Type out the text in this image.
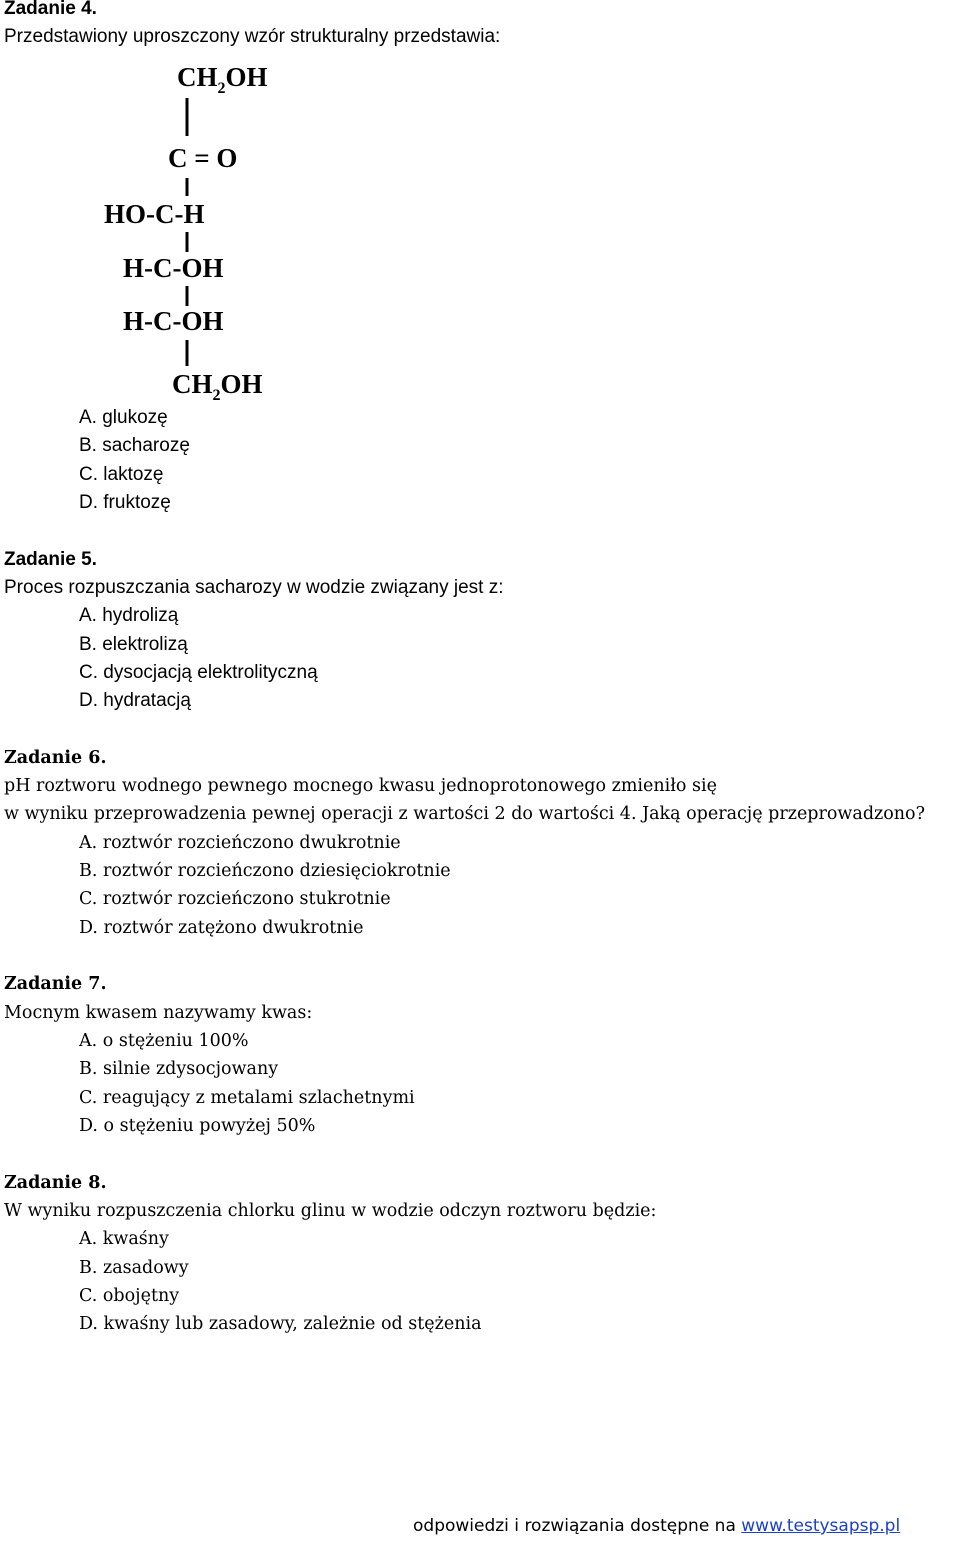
Zadanie 4.
Przedstawiony uproszczony wzór strukturalny przedstawia:
$CH_2OH$
C = O
HO-C-H
H-C-OH
H-C-OH
$CH_2OH$
A. glukozę
B. sacharozę
C. laktozę
D. fruktozę
Zadanie 5.
Proces rozpuszczania sacharozy w wodzie związany jest z:
A. hydrolizą
B. elektrolizą
C. dysocjacją elektrolityczną
D. hydratacją
Zadanie 6.
pH roztworu wodnego pewnego mocnego kwasu jednoprotonowego zmieniło się
w wyniku przeprowadzenia pewnej operacji z wartości 2 do wartości 4. Jaką operację przeprowadzono?
A. roztwór rozcieńczono dwukrotnie
B. roztwór rozcieńczono dziesięciokrotnie
C. roztwór rozcieńczono stukrotnie
D. roztwór zatężono dwukrotnie
Zadanie 7.
Mocnym kwasem nazywamy kwas:
A. o stężeniu 100%
B. silnie zdysocjowany
C. reagujący z metalami szlachetnymi
D. o stężeniu powyżej 50%
Zadanie 8.
W wyniku rozpuszczenia chlorku glinu w wodzie odczyn roztworu będzie:
A. kwaśny
B. zasadowy
C. obojętny
D. kwaśny lub zasadowy, zależnie od stężenia
odpowiedzi i rozwiązania dostępne na www.testysapsp.pl
